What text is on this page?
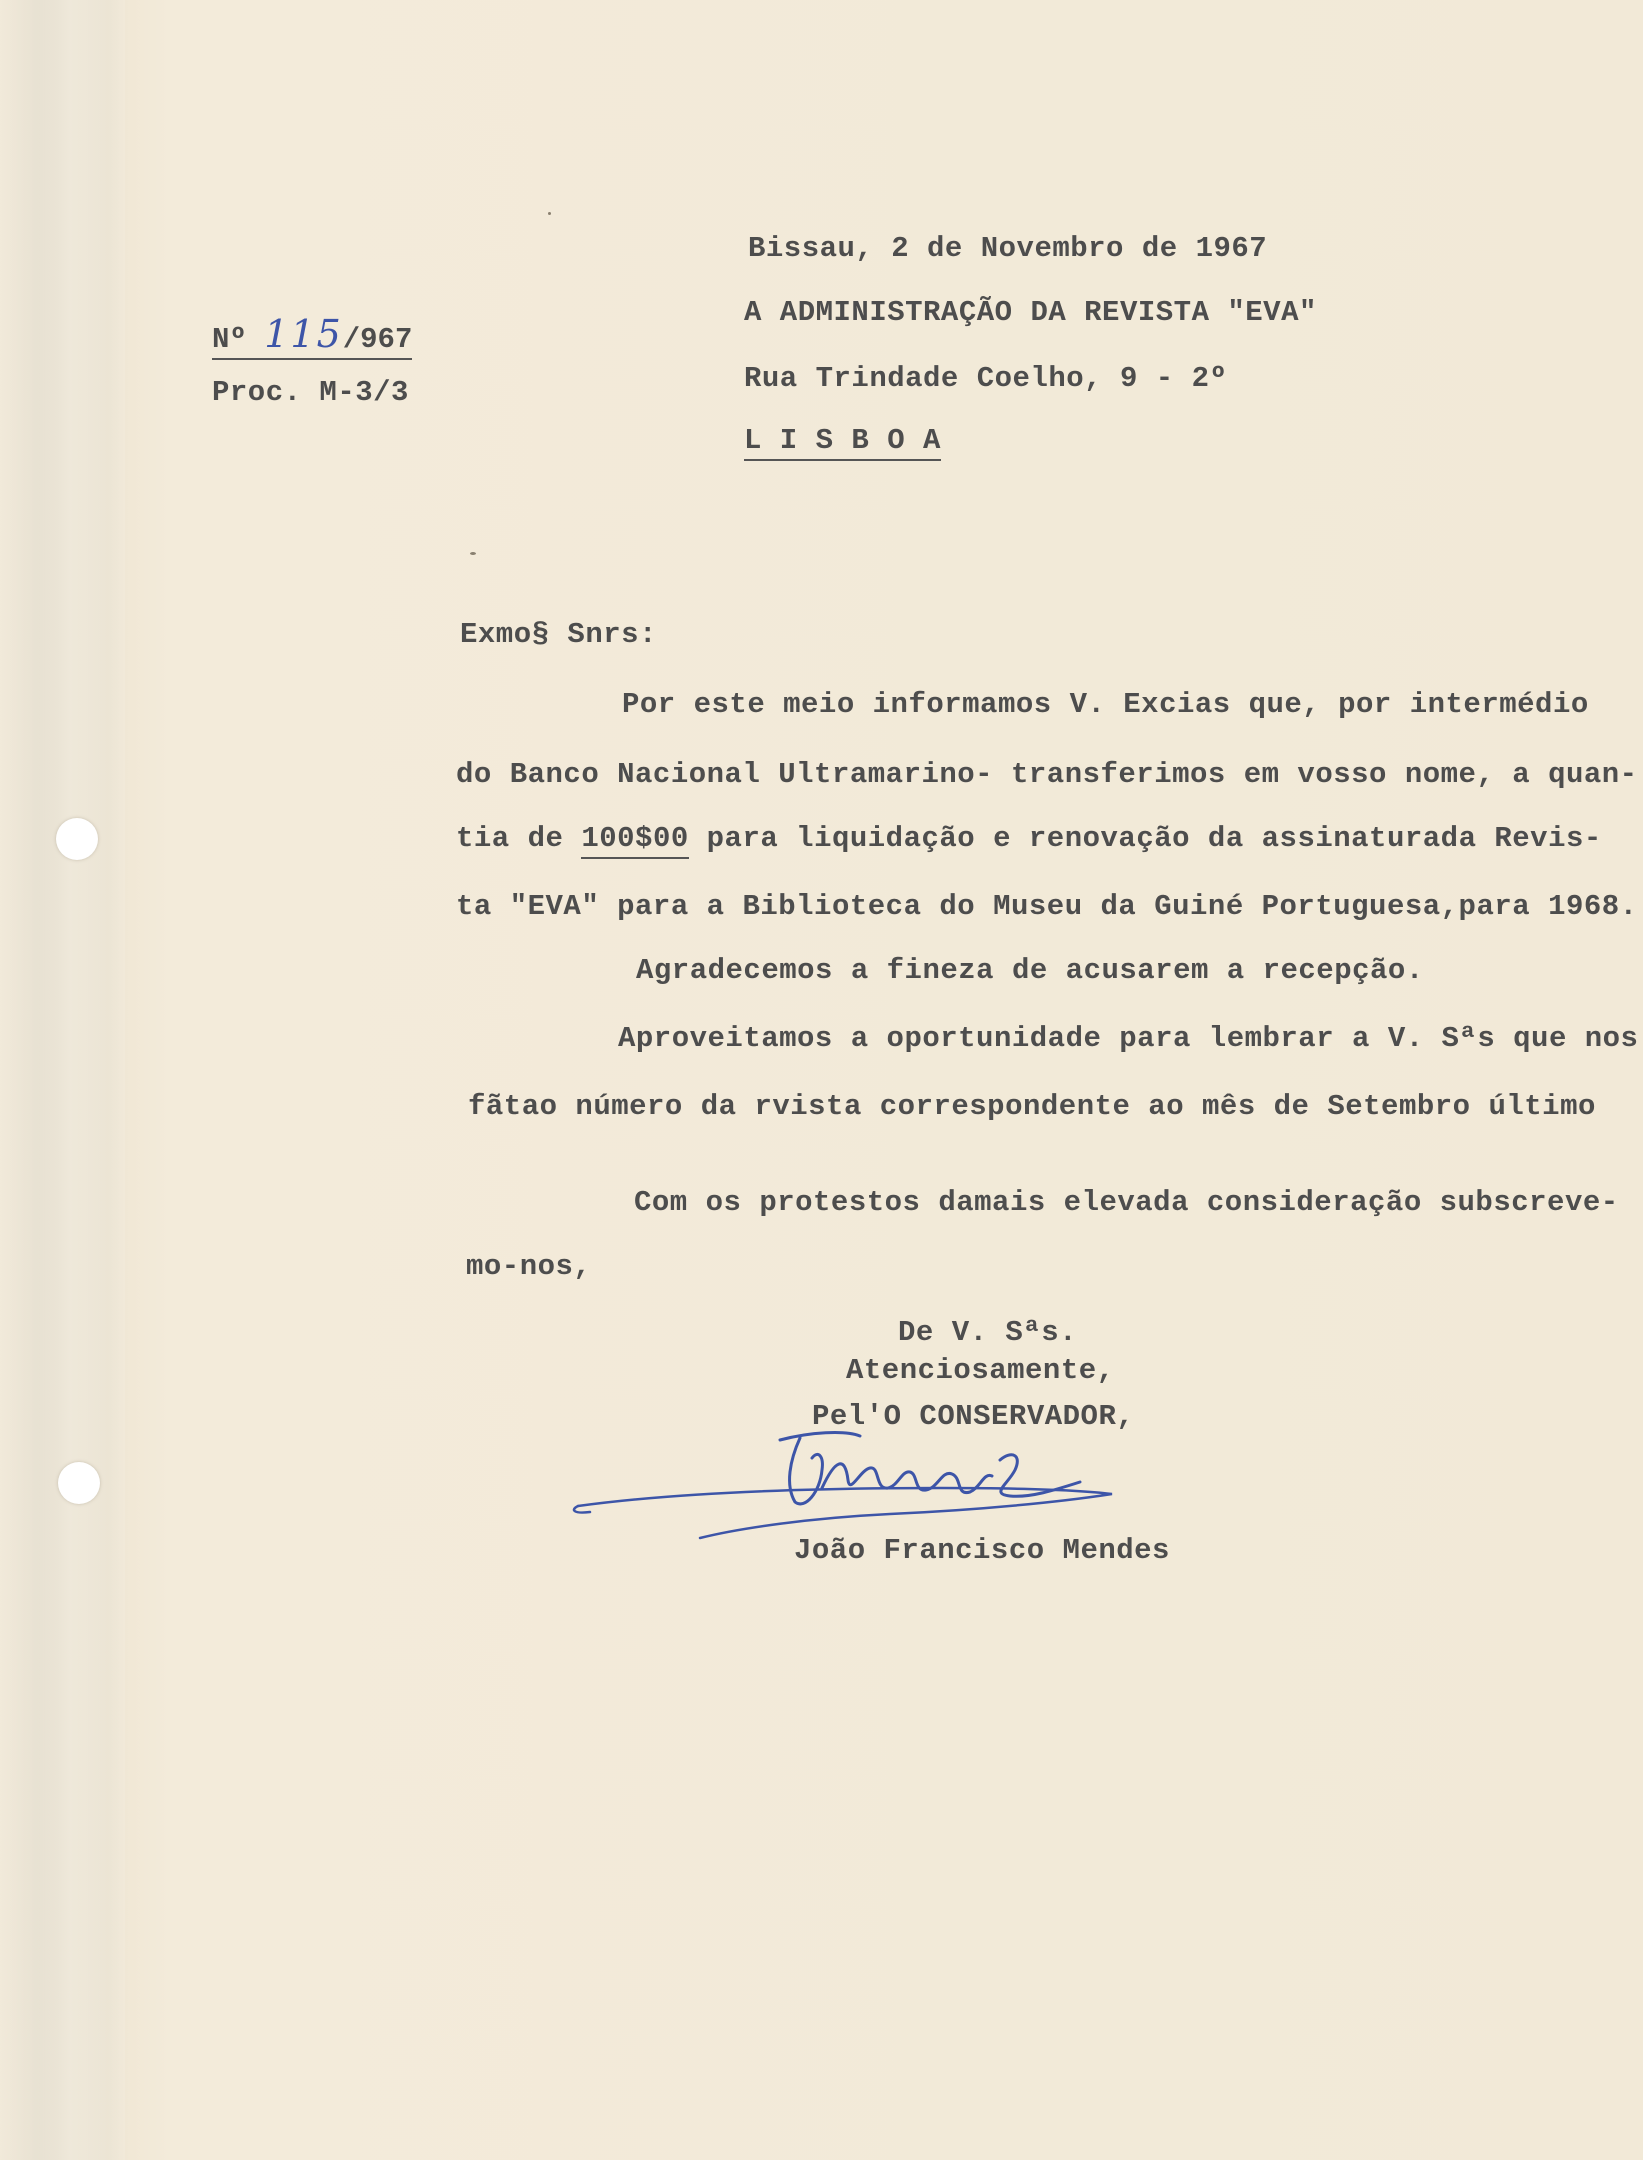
Nº 115/967
Proc. M-3/3
Bissau, 2 de Novembro de 1967
A ADMINISTRAÇÃO DA REVISTA "EVA"
Rua Trindade Coelho, 9 - 2º
L I S B O A
Exmo§ Snrs:
Por este meio informamos V. Excias que, por intermédio
do Banco Nacional Ultramarino- transferimos em vosso nome, a quan-
tia de 100$00 para liquidação e renovação da assinaturada Revis-
ta "EVA" para a Biblioteca do Museu da Guiné Portuguesa,para 1968.
Agradecemos a fineza de acusarem a recepção.
Aproveitamos a oportunidade para lembrar a V. Sªs que nos
fãtao número da rvista correspondente ao mês de Setembro último
Com os protestos damais elevada consideração subscreve-
mo-nos,
De V. Sªs.
Atenciosamente,
Pel'O CONSERVADOR,
João Francisco Mendes
